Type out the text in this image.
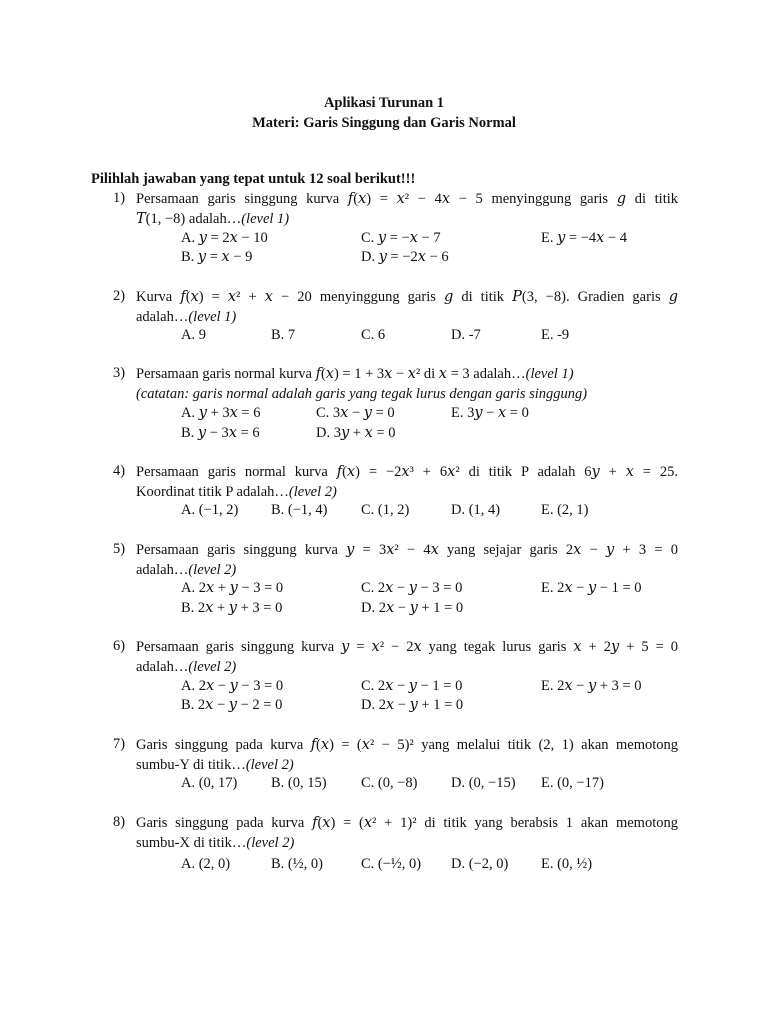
Aplikasi Turunan 1
Materi: Garis Singgung dan Garis Normal
Pilihlah jawaban yang tepat untuk 12 soal berikut!!!
1) Persamaan garis singgung kurva 𝑓(𝑥) = 𝑥² − 4𝑥 − 5 menyinggung garis 𝑔 di titik
𝑇(1, −8) adalah…(level 1)
A. 𝑦 = 2𝑥 − 10
B. 𝑦 = 𝑥 − 9
C. 𝑦 = −𝑥 − 7
D. 𝑦 = −2𝑥 − 6
E. 𝑦 = −4𝑥 − 4
2) Kurva 𝑓(𝑥) = 𝑥² + 𝑥 − 20 menyinggung garis 𝑔 di titik 𝑃(3, −8). Gradien garis 𝑔
adalah…(level 1)
A. 9	B. 7	C. 6	D. -7	E. -9
3) Persamaan garis normal kurva 𝑓(𝑥) = 1 + 3𝑥 − 𝑥² di 𝑥 = 3 adalah…(level 1)
(catatan: garis normal adalah garis yang tegak lurus dengan garis singgung)
A. 𝑦 + 3𝑥 = 6
B. 𝑦 − 3𝑥 = 6
C. 3𝑥 − 𝑦 = 0
D. 3𝑦 + 𝑥 = 0
E. 3𝑦 − 𝑥 = 0
4) Persamaan garis normal kurva 𝑓(𝑥) = −2𝑥³ + 6𝑥² di titik P adalah 6𝑦 + 𝑥 = 25.
Koordinat titik P adalah…(level 2)
A. (−1, 2) B. (−1, 4) C. (1, 2)	D. (1, 4)	E. (2, 1)
5) Persamaan garis singgung kurva 𝑦 = 3𝑥² − 4𝑥 yang sejajar garis 2𝑥 − 𝑦 + 3 = 0
adalah…(level 2)
A. 2𝑥 + 𝑦 − 3 = 0
B. 2𝑥 + 𝑦 + 3 = 0
C. 2𝑥 − 𝑦 − 3 = 0
D. 2𝑥 − 𝑦 + 1 = 0
E. 2𝑥 − 𝑦 − 1 = 0
6) Persamaan garis singgung kurva 𝑦 = 𝑥² − 2𝑥 yang tegak lurus garis 𝑥 + 2𝑦 + 5 = 0
adalah…(level 2)
A. 2𝑥 − 𝑦 − 3 = 0
B. 2𝑥 − 𝑦 − 2 = 0
C. 2𝑥 − 𝑦 − 1 = 0
D. 2𝑥 − 𝑦 + 1 = 0
E. 2𝑥 − 𝑦 + 3 = 0
7) Garis singgung pada kurva 𝑓(𝑥) = (𝑥² − 5)² yang melalui titik (2, 1) akan memotong
sumbu-Y di titik…(level 2)
A. (0, 17) B. (0, 15) C. (0, −8) D. (0, −15) E. (0, −17)
8) Garis singgung pada kurva 𝑓(𝑥) = (𝑥² + 1)² di titik yang berabsis 1 akan memotong
sumbu-X di titik…(level 2)
A. (2, 0)	B. (½, 0)	C. (−½, 0) D. (−2, 0) E. (0, ½)
